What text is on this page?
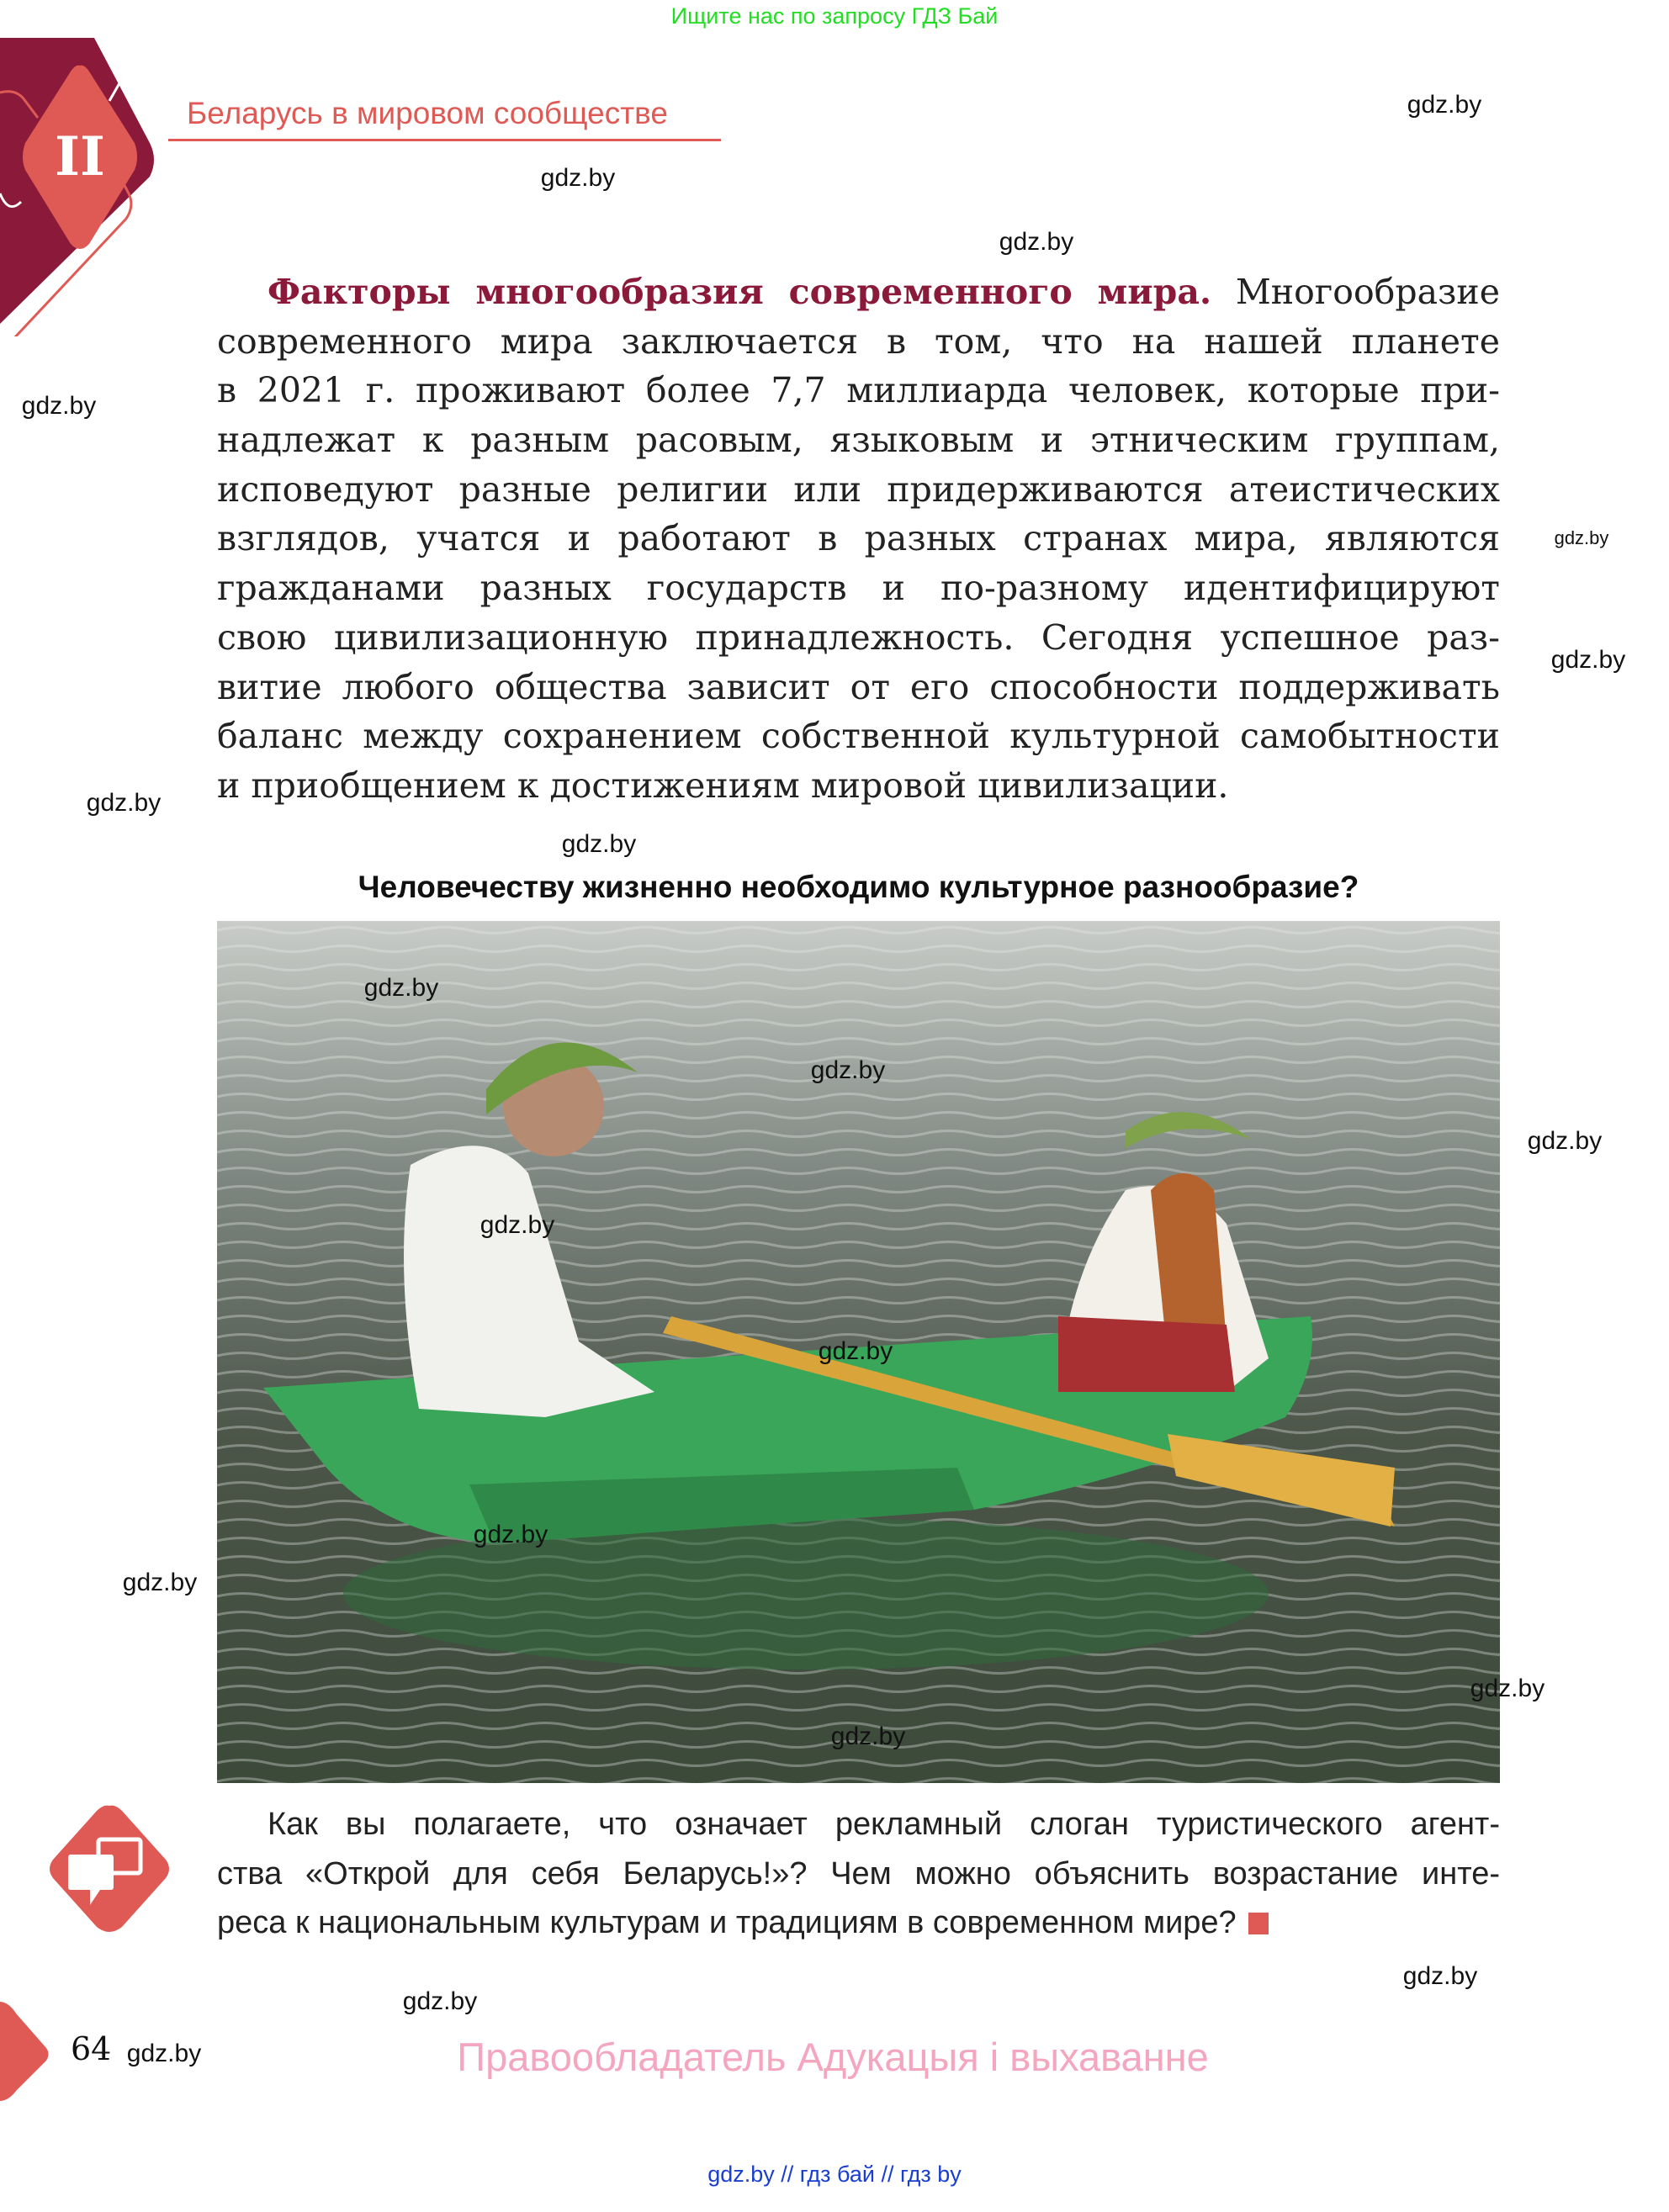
Ищите нас по запросу ГДЗ Бай
II
Беларусь в мировом сообществе
Факторы многообразия современного мира. Многообразие
современного мира заключается в том, что на нашей планете
в 2021 г. проживают более 7,7 миллиарда человек, которые при-
надлежат к разным расовым, языковым и этническим группам,
исповедуют разные религии или придерживаются атеистических
взглядов, учатся и работают в разных странах мира, являются
гражданами разных государств и по-разному идентифицируют
свою цивилизационную принадлежность. Сегодня успешное раз-
витие любого общества зависит от его способности поддерживать
баланс между сохранением собственной культурной самобытности
и приобщением к достижениям мировой цивилизации.
Человечеству жизненно необходимо культурное разнообразие?
Как вы полагаете, что означает рекламный слоган туристического агент-
ства «Открой для себя Беларусь!»? Чем можно объяснить возрастание инте-
реса к национальным культурам и традициям в современном мире?
64	Правообладатель Адукацыя і выхаванне
gdz.by // гдз бай // гдз by
gdz.by
gdz.by
gdz.by
gdz.by
gdz.by
gdz.by
gdz.by
gdz.by
gdz.by
gdz.by
gdz.by
gdz.by
gdz.by
gdz.by
gdz.by
gdz.by
gdz.by
gdz.by
gdz.by
gdz.by
